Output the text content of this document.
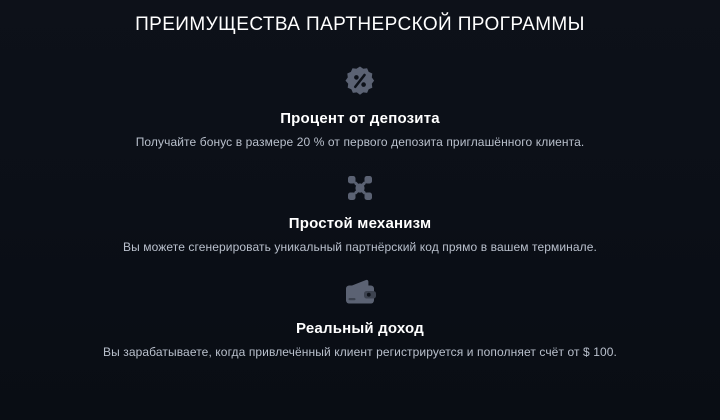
ПРЕИМУЩЕСТВА ПАРТНЕРСКОЙ ПРОГРАММЫ
Процент от депозита
Получайте бонус в размере 20 % от первого депозита приглашённого клиента.
Простой механизм
Вы можете сгенерировать уникальный партнёрский код прямо в вашем терминале.
Реальный доход
Вы зарабатываете, когда привлечённый клиент регистрируется и пополняет счёт от $ 100.
